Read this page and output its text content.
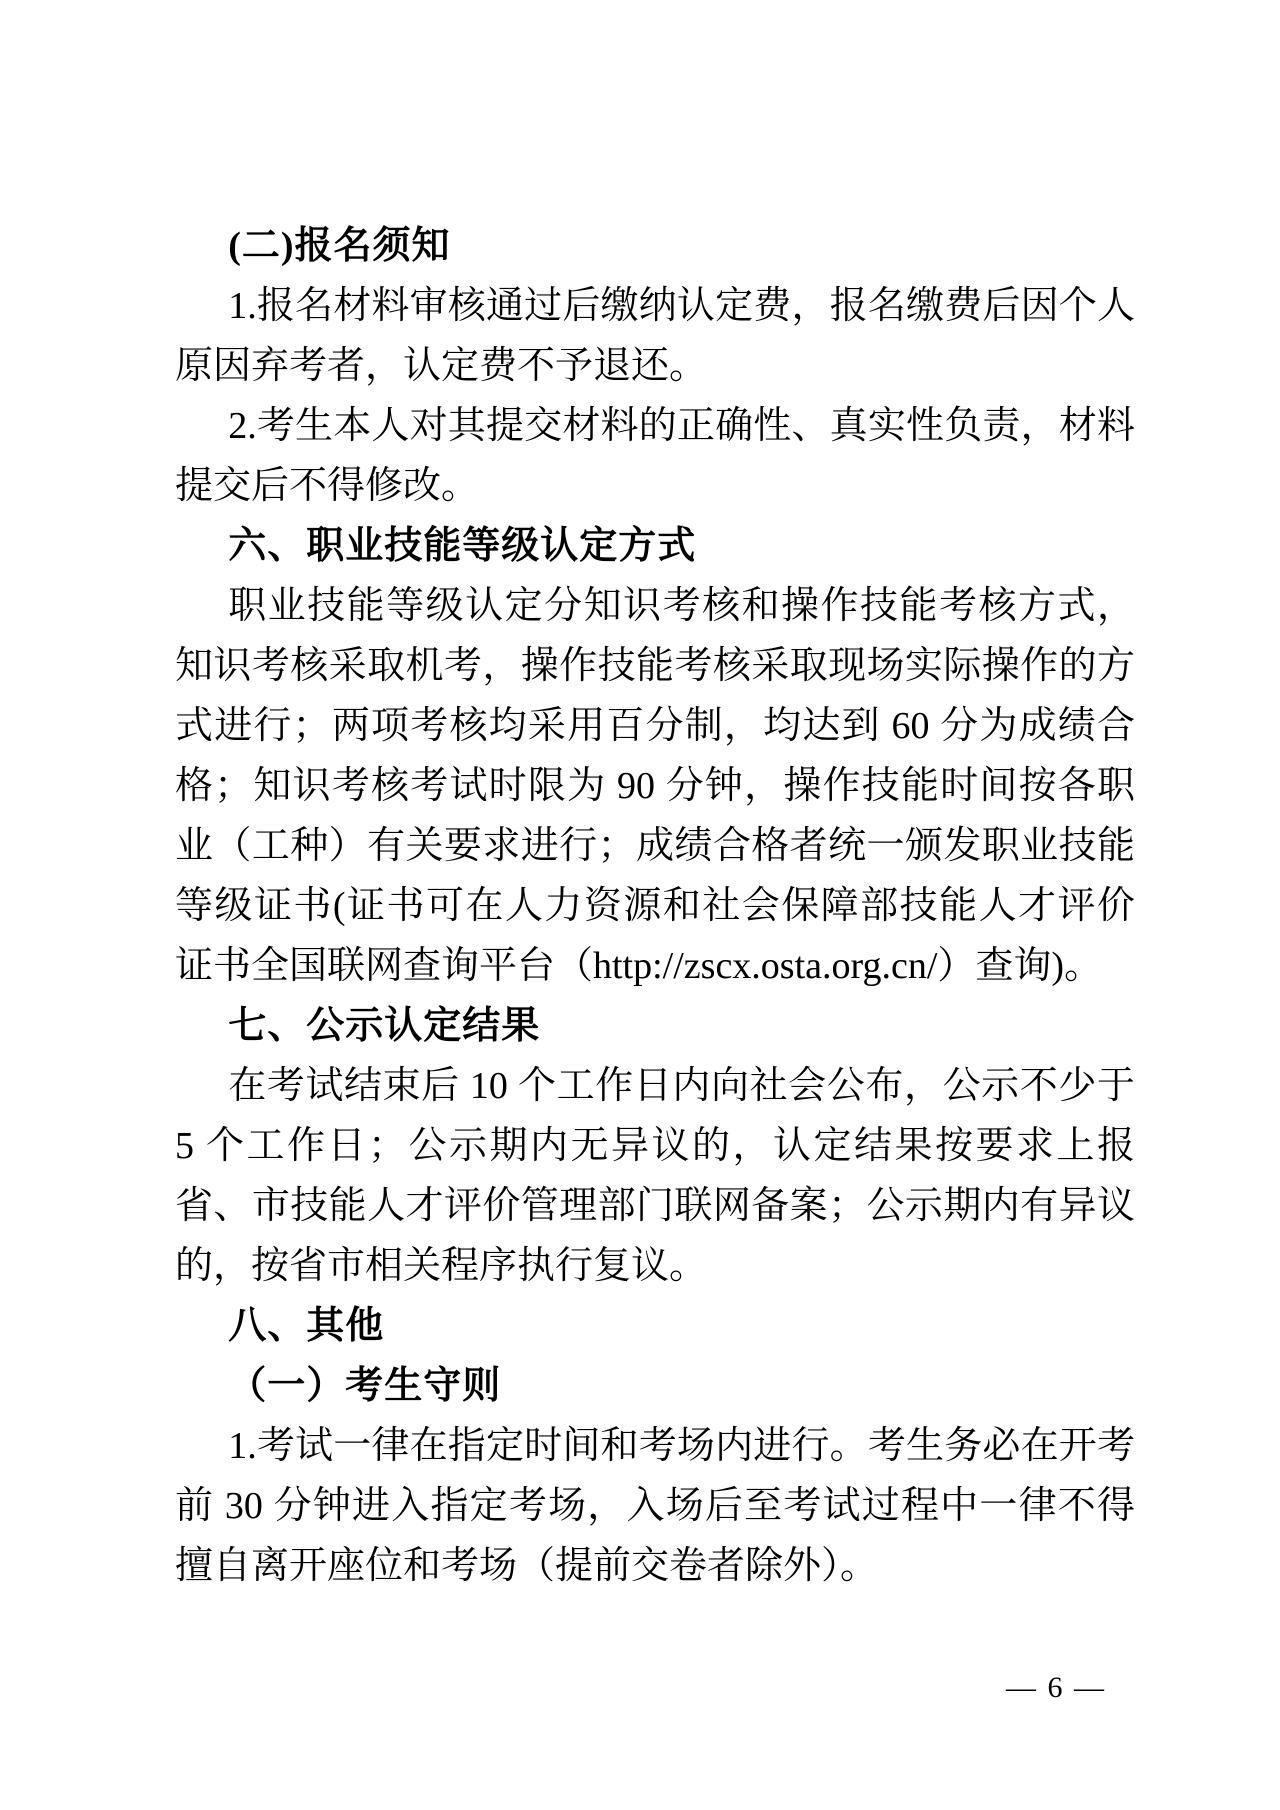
(二)报名须知

1.报名材料审核通过后缴纳认定费，报名缴费后因个人原因弃考者，认定费不予退还。

2.考生本人对其提交材料的正确性、真实性负责，材料提交后不得修改。

六、职业技能等级认定方式

职业技能等级认定分知识考核和操作技能考核方式，知识考核采取机考，操作技能考核采取现场实际操作的方式进行；两项考核均采用百分制，均达到 60 分为成绩合格；知识考核考试时限为 90 分钟，操作技能时间按各职业（工种）有关要求进行；成绩合格者统一颁发职业技能等级证书(证书可在人力资源和社会保障部技能人才评价证书全国联网查询平台（http://zscx.osta.org.cn/）查询)。

七、公示认定结果

在考试结束后 10 个工作日内向社会公布，公示不少于 5 个工作日；公示期内无异议的，认定结果按要求上报省、市技能人才评价管理部门联网备案；公示期内有异议的，按省市相关程序执行复议。

八、其他
（一）考生守则

1.考试一律在指定时间和考场内进行。考生务必在开考前 30 分钟进入指定考场，入场后至考试过程中一律不得擅自离开座位和考场（提前交卷者除外）。

— 6 —
